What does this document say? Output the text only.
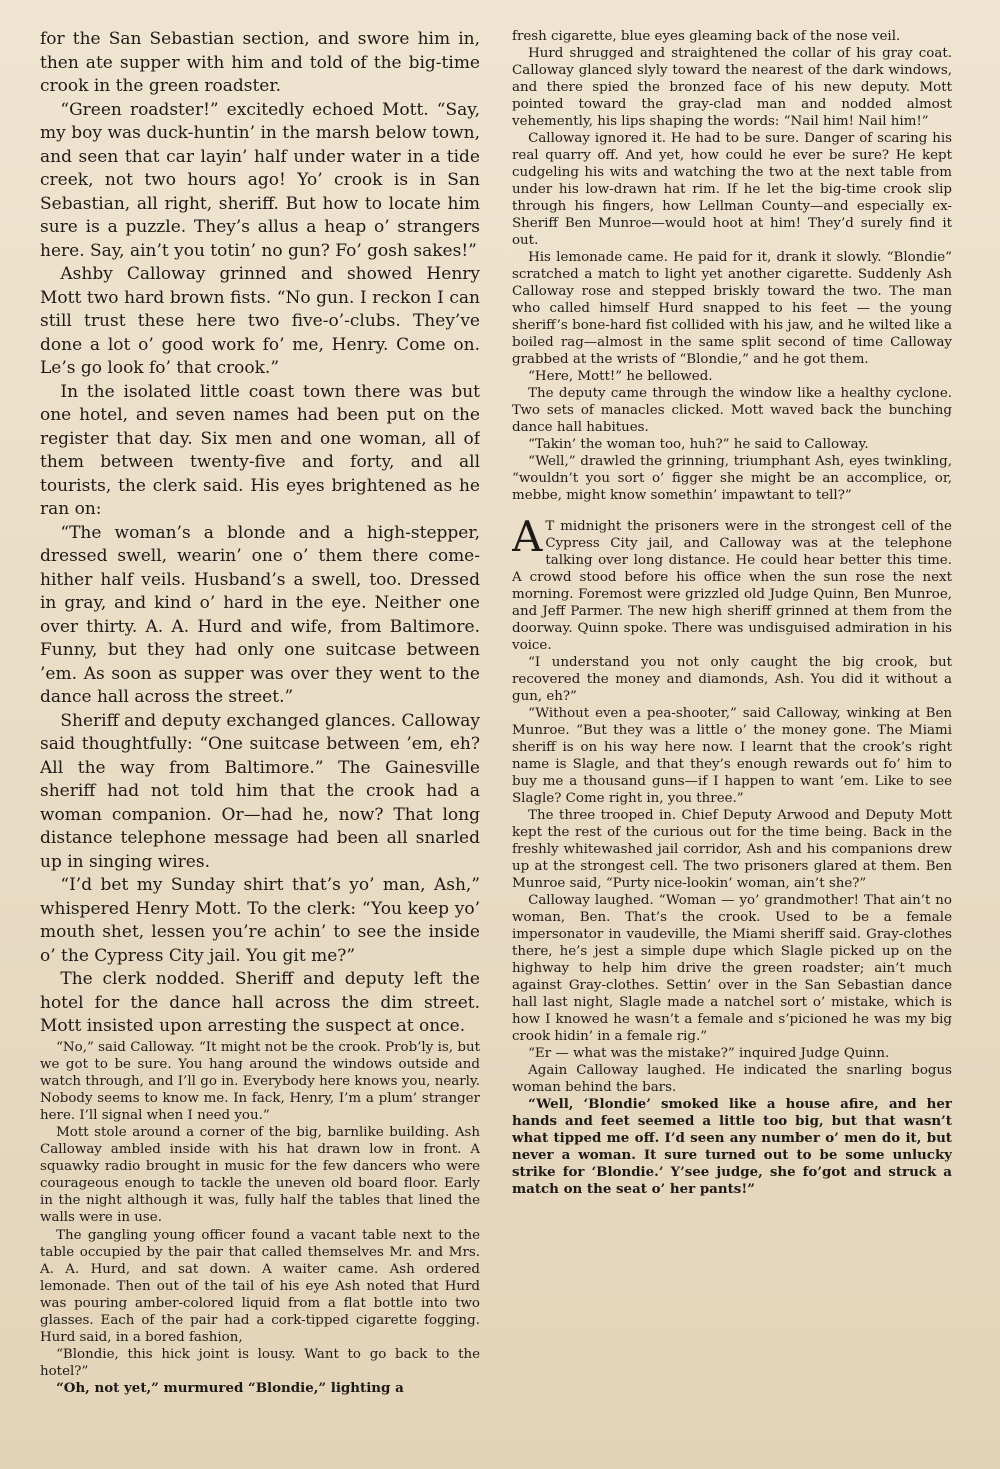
for the San Sebastian section, and swore him in, then ate supper with him and told of the big-time crook in the green roadster.

“Green roadster!” excitedly echoed Mott. “Say, my boy was duck-huntin’ in the marsh below town, and seen that car layin’ half under water in a tide creek, not two hours ago! Yo’ crook is in San Sebastian, all right, sheriff. But how to locate him sure is a puzzle. They’s allus a heap o’ strangers here. Say, ain’t you totin’ no gun? Fo’ gosh sakes!”

Ashby Calloway grinned and showed Henry Mott two hard brown fists. “No gun. I reckon I can still trust these here two five-o’-clubs. They’ve done a lot o’ good work fo’ me, Henry. Come on. Le’s go look fo’ that crook.”

In the isolated little coast town there was but one hotel, and seven names had been put on the register that day. Six men and one woman, all of them between twenty-five and forty, and all tourists, the clerk said. His eyes brightened as he ran on:

“The woman’s a blonde and a high-stepper, dressed swell, wearin’ one o’ them there come-hither half veils. Husband’s a swell, too. Dressed in gray, and kind o’ hard in the eye. Neither one over thirty. A. A. Hurd and wife, from Baltimore. Funny, but they had only one suitcase between ’em. As soon as supper was over they went to the dance hall across the street.”

Sheriff and deputy exchanged glances. Calloway said thoughtfully: “One suitcase between ’em, eh? All the way from Baltimore.” The Gainesville sheriff had not told him that the crook had a woman companion. Or—had he, now? That long distance telephone message had been all snarled up in singing wires.

“I’d bet my Sunday shirt that’s yo’ man, Ash,” whispered Henry Mott. To the clerk: “You keep yo’ mouth shet, lessen you’re achin’ to see the inside o’ the Cypress City jail. You git me?”

The clerk nodded. Sheriff and deputy left the hotel for the dance hall across the dim street. Mott insisted upon arresting the suspect at once.

“No,” said Calloway. “It might not be the crook. Prob’ly is, but we got to be sure. You hang around the windows outside and watch through, and I’ll go in. Everybody here knows you, nearly. Nobody seems to know me. In fack, Henry, I’m a plum’ stranger here. I’ll signal when I need you.”

Mott stole around a corner of the big, barnlike building. Ash Calloway ambled inside with his hat drawn low in front. A squawky radio brought in music for the few dancers who were courageous enough to tackle the uneven old board floor. Early in the night although it was, fully half the tables that lined the walls were in use.

The gangling young officer found a vacant table next to the table occupied by the pair that called themselves Mr. and Mrs. A. A. Hurd, and sat down. A waiter came. Ash ordered lemonade. Then out of the tail of his eye Ash noted that Hurd was pouring amber-colored liquid from a flat bottle into two glasses. Each of the pair had a cork-tipped cigarette fogging. Hurd said, in a bored fashion,

“Blondie, this hick joint is lousy. Want to go back to the hotel?”

“Oh, not yet,” murmured “Blondie,” lighting a

fresh cigarette, blue eyes gleaming back of the nose veil.

Hurd shrugged and straightened the collar of his gray coat. Calloway glanced slyly toward the nearest of the dark windows, and there spied the bronzed face of his new deputy. Mott pointed toward the gray-clad man and nodded almost vehemently, his lips shaping the words: “Nail him! Nail him!”

Calloway ignored it. He had to be sure. Danger of scaring his real quarry off. And yet, how could he ever be sure? He kept cudgeling his wits and watching the two at the next table from under his low-drawn hat rim. If he let the big-time crook slip through his fingers, how Lellman County—and especially ex-Sheriff Ben Munroe—would hoot at him! They’d surely find it out.

His lemonade came. He paid for it, drank it slowly. “Blondie” scratched a match to light yet another cigarette. Suddenly Ash Calloway rose and stepped briskly toward the two. The man who called himself Hurd snapped to his feet — the young sheriff’s bone-hard fist collided with his jaw, and he wilted like a boiled rag—almost in the same split second of time Calloway grabbed at the wrists of “Blondie,” and he got them.

“Here, Mott!” he bellowed.

The deputy came through the window like a healthy cyclone. Two sets of manacles clicked. Mott waved back the bunching dance hall habitues.

“Takin’ the woman too, huh?” he said to Calloway.

“Well,” drawled the grinning, triumphant Ash, eyes twinkling, “wouldn’t you sort o’ figger she might be an accomplice, or, mebbe, might know somethin’ impawtant to tell?”

A T midnight the prisoners were in the strongest cell of the Cypress City jail, and Calloway was at the telephone talking over long distance. He could hear better this time. A crowd stood before his office when the sun rose the next morning. Foremost were grizzled old Judge Quinn, Ben Munroe, and Jeff Parmer. The new high sheriff grinned at them from the doorway. Quinn spoke. There was undisguised admiration in his voice.

“I understand you not only caught the big crook, but recovered the money and diamonds, Ash. You did it without a gun, eh?”

“Without even a pea-shooter,” said Calloway, winking at Ben Munroe. “But they was a little o’ the money gone. The Miami sheriff is on his way here now. I learnt that the crook’s right name is Slagle, and that they’s enough rewards out fo’ him to buy me a thousand guns—if I happen to want ’em. Like to see Slagle? Come right in, you three.”

The three trooped in. Chief Deputy Arwood and Deputy Mott kept the rest of the curious out for the time being. Back in the freshly whitewashed jail corridor, Ash and his companions drew up at the strongest cell. The two prisoners glared at them. Ben Munroe said, “Purty nice-lookin’ woman, ain’t she?”

Calloway laughed. “Woman — yo’ grandmother! That ain’t no woman, Ben. That’s the crook. Used to be a female impersonator in vaudeville, the Miami sheriff said. Gray-clothes there, he’s jest a simple dupe which Slagle picked up on the highway to help him drive the green roadster; ain’t much against Gray-clothes. Settin’ over in the San Sebastian dance hall last night, Slagle made a natchel sort o’ mistake, which is how I knowed he wasn’t a female and s’picioned he was my big crook hidin’ in a female rig.”

“Er — what was the mistake?” inquired Judge Quinn.

Again Calloway laughed. He indicated the snarling bogus woman behind the bars.

“Well, ‘Blondie’ smoked like a house afire, and her hands and feet seemed a little too big, but that wasn’t what tipped me off. I’d seen any number o’ men do it, but never a woman. It sure turned out to be some unlucky strike for ‘Blondie.’ Y’see judge, she fo’got and struck a match on the seat o’ her pants!”
